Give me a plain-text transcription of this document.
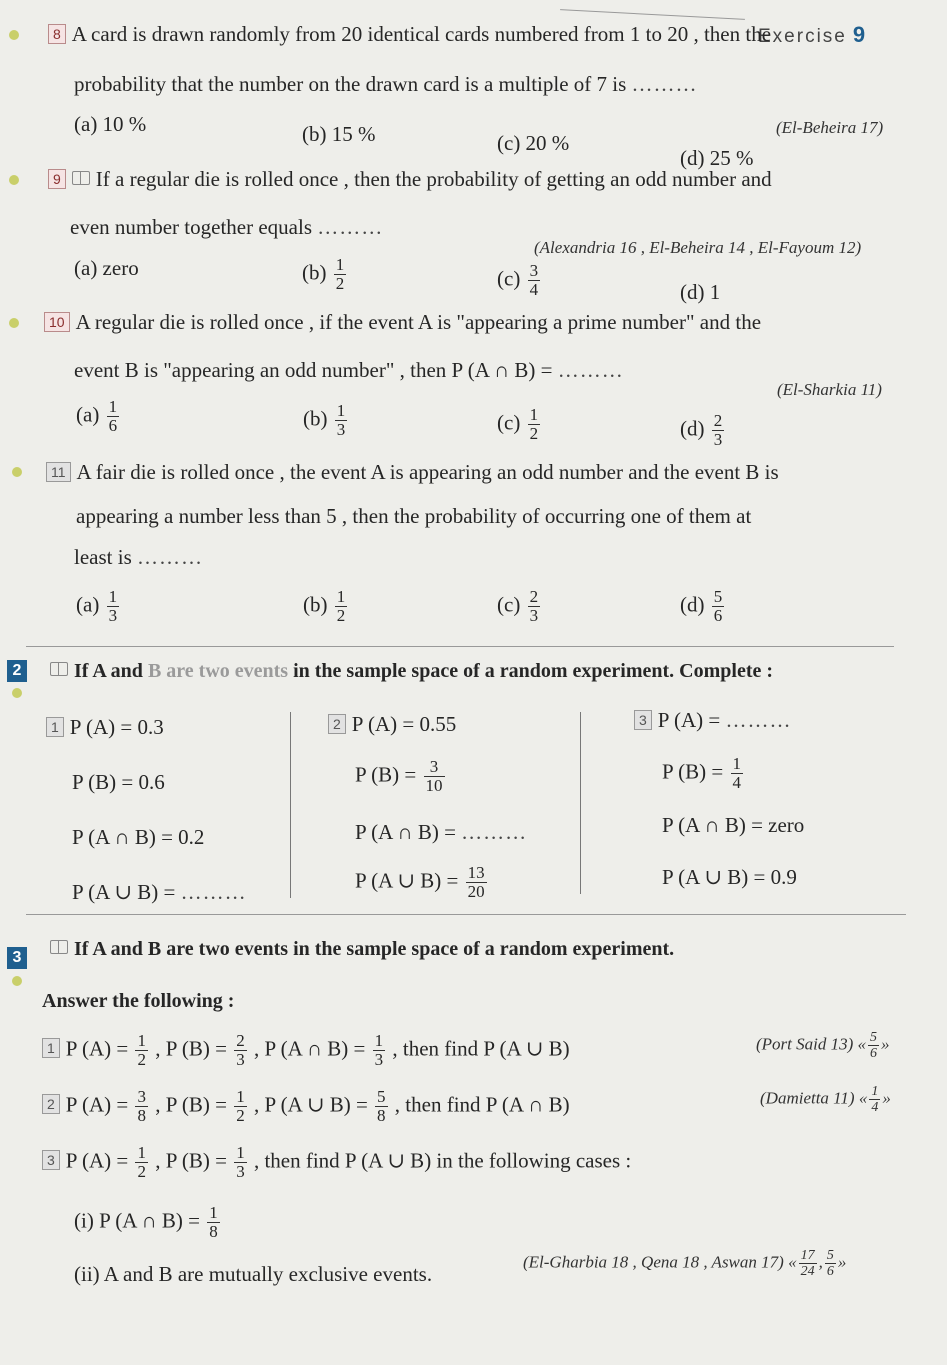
Exercise 9
8 A card is drawn randomly from 20 identical cards numbered from 1 to 20 , then the
probability that the number on the drawn card is a multiple of 7 is ………
(El-Beheira 17)
(a) 10 %	(b) 15 %	(c) 20 %
(d) 25 %
9 If a regular die is rolled once , then the probability of getting an odd number and
even number together equals ………
(Alexandria 16 , El-Beheira 14 , El-Fayoum 12)
(a) zero	$(b) \frac{1}{2}$	$(c) \frac{3}{4}$	(d) 1
10 A regular die is rolled once , if the event A is "appearing a prime number" and the
event B is "appearing an odd number" , then P (A ∩ B) = ………
(El-Sharkia 11)
$(a) \frac{1}{6}$	$(b) \frac{1}{3}$	$(c) \frac{1}{2}$	$(d) \frac{2}{3}$
11 A fair die is rolled once , the event A is appearing an odd number and the event B is
appearing a number less than 5 , then the probability of occurring one of them at
least is ………
$(a) \frac{1}{3}$	$(b) \frac{1}{2}$	$(c) \frac{2}{3}$	$(d) \frac{5}{6}$
2	If A and B are two events in the sample space of a random experiment. Complete :
1 P (A) = 0.3
P (B) = 0.6
P (A ∩ B) = 0.2
P (A ∪ B) = ………
2 P (A) = 0.55
P $(B) = \frac{3}{10}$
P (A ∩ B) = ………
P (A ∪ $B) = \frac{13}{20}$
3 P (A) = ………
P $(B) = \frac{1}{4}$
P (A ∩ B) = zero
P (A ∪ B) = 0.9
3	If A and B are two events in the sample space of a random experiment.
Answer the following :
1 P $(A) = \frac{1}{2}$ , P $(B) = \frac{2}{3}$ , P (A ∩ $B) = \frac{1}{3}$ , then find P (A ∪ B)	(Port Said 13) « $\frac{5}{6}$ »
2 P $(A) = \frac{3}{8}$ , P $(B) = \frac{1}{2}$ , P (A ∪ $B) = \frac{5}{8}$ , then find P (A ∩ B)	(Damietta 11) « $\frac{1}{4}$ »
3 P $(A) = \frac{1}{2}$ , P $(B) = \frac{1}{3}$ , then find P (A ∪ B) in the following cases :
(i) P (A ∩ $B) = \frac{1}{8}$
(ii) A and B are mutually exclusive events.
(El-Gharbia 18 , Qena 18 , Aswan 17) « $\frac{17}{24}$ , $\frac{5}{6}$ »
